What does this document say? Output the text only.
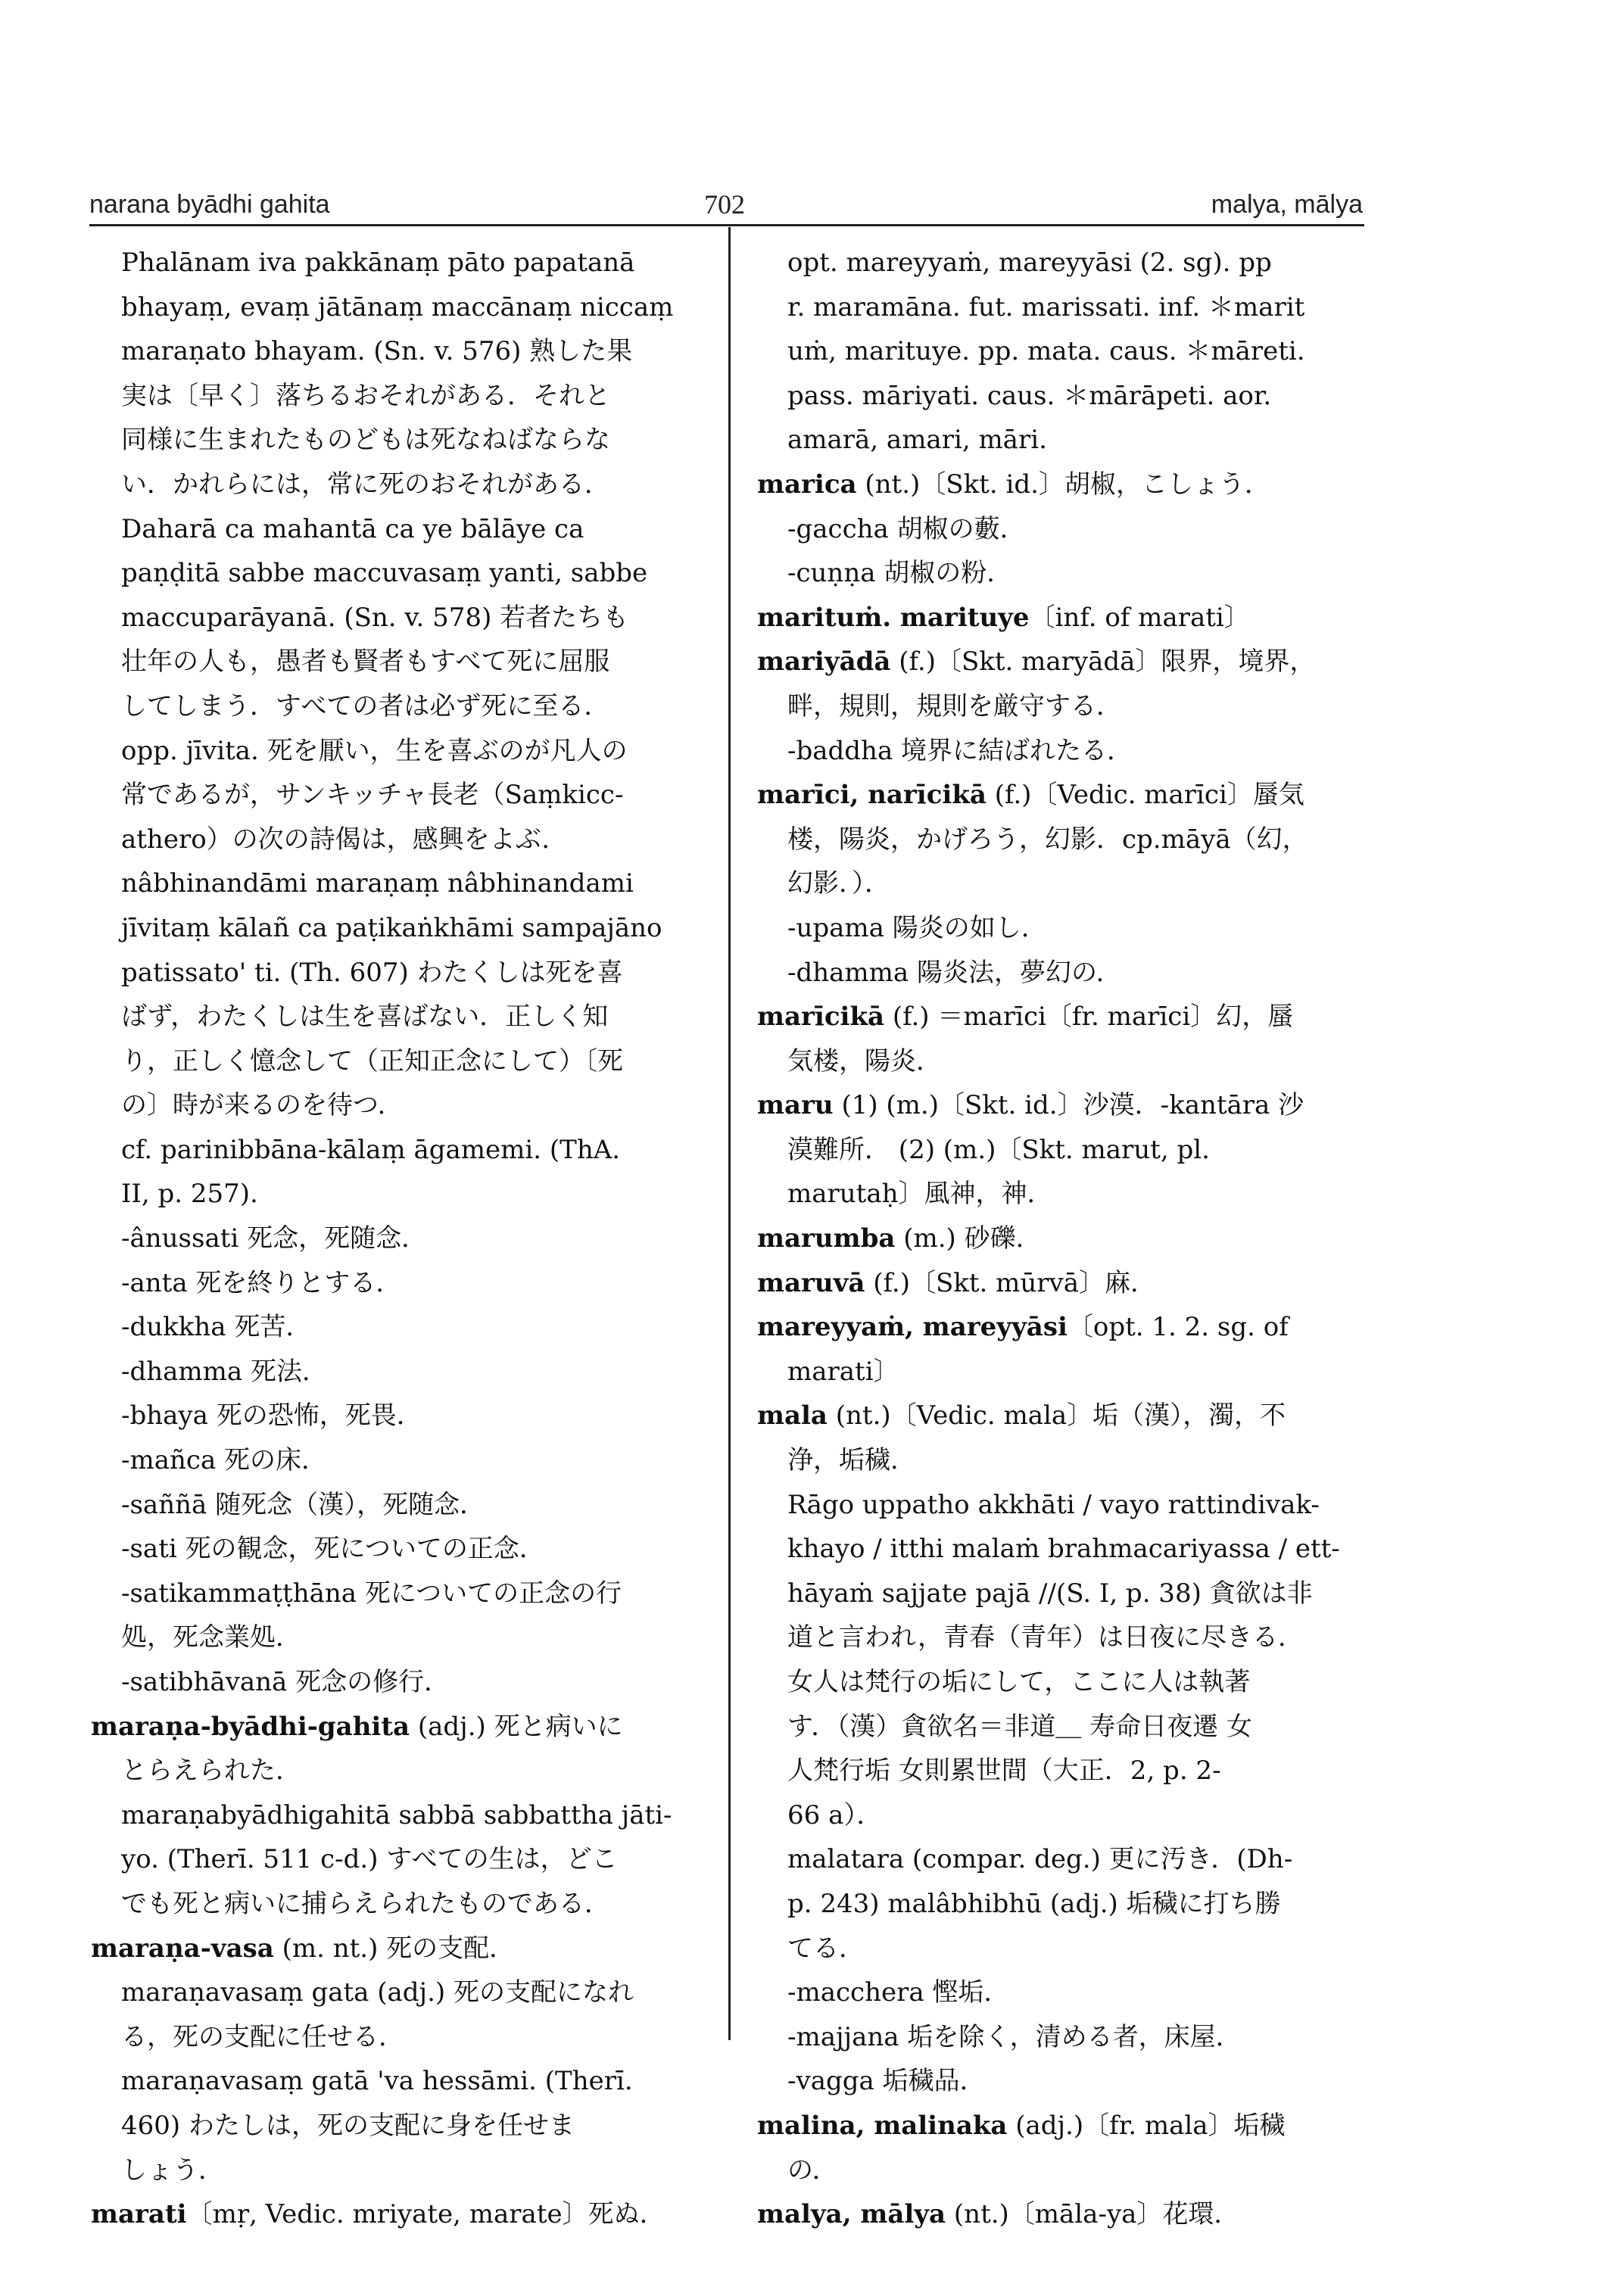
narana byādhi gahita	702	malya, mālya
Phalānam iva pakkānaṃ pāto papatanā
bhayaṃ, evaṃ jātānaṃ maccānaṃ niccaṃ
maraṇato bhayam. (Sn. v. 576) 熟した果
実は〔早く〕落ちるおそれがある．それと
同様に生まれたものどもは死なねばならな
い．かれらには，常に死のおそれがある．
Daharā ca mahantā ca ye bālāye ca
paṇḍitā sabbe maccuvasaṃ yanti, sabbe
maccuparāyanā. (Sn. v. 578) 若者たちも
壮年の人も，愚者も賢者もすべて死に屈服
してしまう．すべての者は必ず死に至る．
opp. jīvita. 死を厭い，生を喜ぶのが凡人の
常であるが，サンキッチャ長老（Saṃkicc-
athero）の次の詩偈は，感興をよぶ．
nâbhinandāmi maraṇaṃ nâbhinandami
jīvitaṃ kālañ ca paṭikaṅkhāmi sampajāno
patissato' ti. (Th. 607) わたくしは死を喜
ばず，わたくしは生を喜ばない．正しく知
り，正しく憶念して（正知正念にして）〔死
の〕時が来るのを待つ．
cf. parinibbāna-kālaṃ āgamemi. (ThA.
II, p. 257).
-ânussati 死念，死随念．
-anta 死を終りとする．
-dukkha 死苦．
-dhamma 死法．
-bhaya 死の恐怖，死畏．
-mañca 死の床．
-saññā 随死念（漢），死随念．
-sati 死の観念，死についての正念．
-satikammaṭṭhāna 死についての正念の行
処，死念業処．
-satibhāvanā 死念の修行．
maraṇa-byādhi-gahita (adj.) 死と病いに
とらえられた．
maraṇabyādhigahitā sabbā sabbattha jāti-
yo. (Therī. 511 c-d.) すべての生は，どこ
でも死と病いに捕らえられたものである．
maraṇa-vasa (m. nt.) 死の支配．
maraṇavasaṃ gata (adj.) 死の支配になれ
る，死の支配に任せる．
maraṇavasaṃ gatā 'va hessāmi. (Therī.
460) わたしは，死の支配に身を任せま
しょう．
marati〔mṛ, Vedic. mriyate, marate〕死ぬ．
opt. mareyyaṁ, mareyyāsi (2. sg). pp
r. maramāna. fut. marissati. inf. ＊marit
uṁ, marituye. pp. mata. caus. ＊māreti.
pass. māriyati. caus. ＊mārāpeti. aor.
amarā, amari, māri.
marica (nt.)〔Skt. id.〕胡椒，こしょう．
-gaccha 胡椒の藪．
-cuṇṇa 胡椒の粉．
marituṁ. marituye〔inf. of marati〕
mariyādā (f.)〔Skt. maryādā〕限界，境界，
畔，規則，規則を厳守する．
-baddha 境界に結ばれたる．
marīci, narīcikā (f.)〔Vedic. marīci〕蜃気
楼，陽炎，かげろう，幻影．cp.māyā（幻，
幻影．）．
-upama 陽炎の如し．
-dhamma 陽炎法，夢幻の．
marīcikā (f.) ＝marīci〔fr. marīci〕幻，蜃
気楼，陽炎．
maru (1) (m.)〔Skt. id.〕沙漠．-kantāra 沙
漠難所． (2) (m.)〔Skt. marut, pl.
marutaḥ〕風神，神．
marumba (m.) 砂礫．
maruvā (f.)〔Skt. mūrvā〕麻．
mareyyaṁ, mareyyāsi〔opt. 1. 2. sg. of
marati〕
mala (nt.)〔Vedic. mala〕垢（漢），濁，不
浄，垢穢．
Rāgo uppatho akkhāti / vayo rattindivak-
khayo / itthi malaṁ brahmacariyassa / ett-
hāyaṁ sajjate pajā //(S. I, p. 38) 貪欲は非
道と言われ，青春（青年）は日夜に尽きる．
女人は梵行の垢にして，ここに人は執著
す．（漢）貪欲名＝非道＿ 寿命日夜遷 女
人梵行垢 女則累世間（大正．2, p. 2-
66 a）．
malatara (compar. deg.) 更に汚き．(Dh-
p. 243) malâbhibhū (adj.) 垢穢に打ち勝
てる．
-macchera 慳垢．
-majjana 垢を除く，清める者，床屋．
-vagga 垢穢品．
malina, malinaka (adj.)〔fr. mala〕垢穢
の．
malya, mālya (nt.)〔māla-ya〕花環．
